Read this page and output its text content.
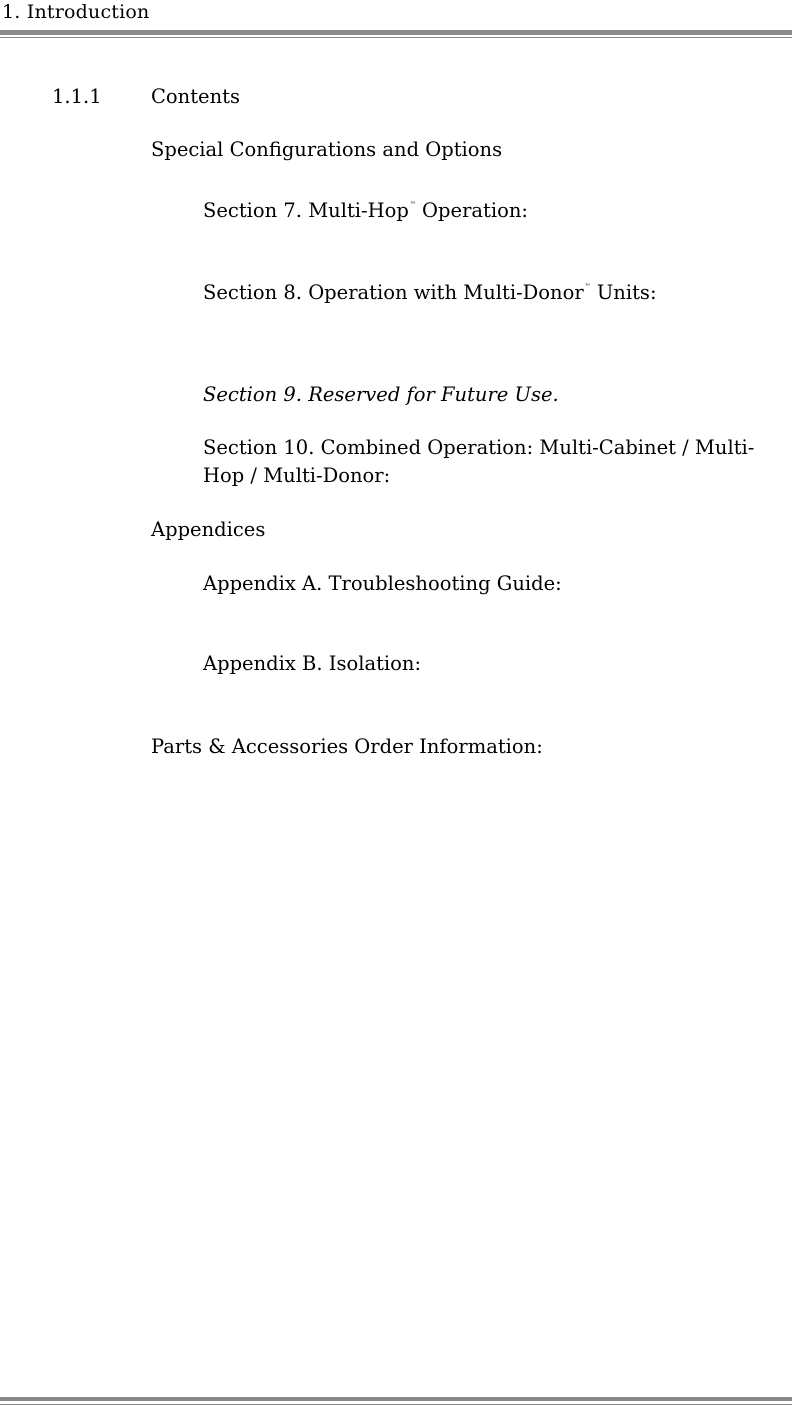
1. Introduction
1.1.1	Contents
Special Configurations and Options
Section 7. Multi-Hop™ Operation:
Section 8. Operation with Multi-Donor™ Units:
Section 9. Reserved for Future Use.
Section 10. Combined Operation: Multi-Cabinet / Multi-
Hop / Multi-Donor:
Appendices
Appendix A. Troubleshooting Guide:
Appendix B. Isolation:
Parts & Accessories Order Information:
